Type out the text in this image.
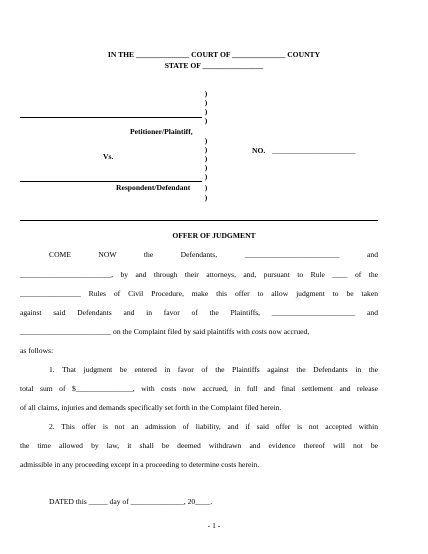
IN THE ______________ COURT OF ______________ COUNTY
STATE OF ________________
Petitioner/Plaintiff,
Vs.
Respondent/Defendant
NO. ______________________
)
)
)
)
)
)
)
)
)
)
)
OFFER OF JUDGMENT
COME NOW the Defendants, _________________________ and
________________________, by and through their attorneys, and, pursuant to Rule ____ of the
________________ Rules of Civil Procedure, make this offer to allow judgment to be taken
against said Defendants and in favor of the Plaintiffs, ______________________ and
________________________ on the Complaint filed by said plaintiffs with costs now accrued,
as follows:
1. That judgment be entered in favor of the Plaintiffs against the Defendants in the
total sum of $_______________, with costs now accrued, in full and final settlement and release
of all claims, injuries and demands specifically set forth in the Complaint filed herein.
2. This offer is not an admission of liability, and if said offer is not accepted within
the time allowed by law, it shall be deemed withdrawn and evidence thereof will not be
admissible in any proceeding except in a proceeding to determine costs herein.
DATED this _____ day of ______________, 20____.
- 1 -
